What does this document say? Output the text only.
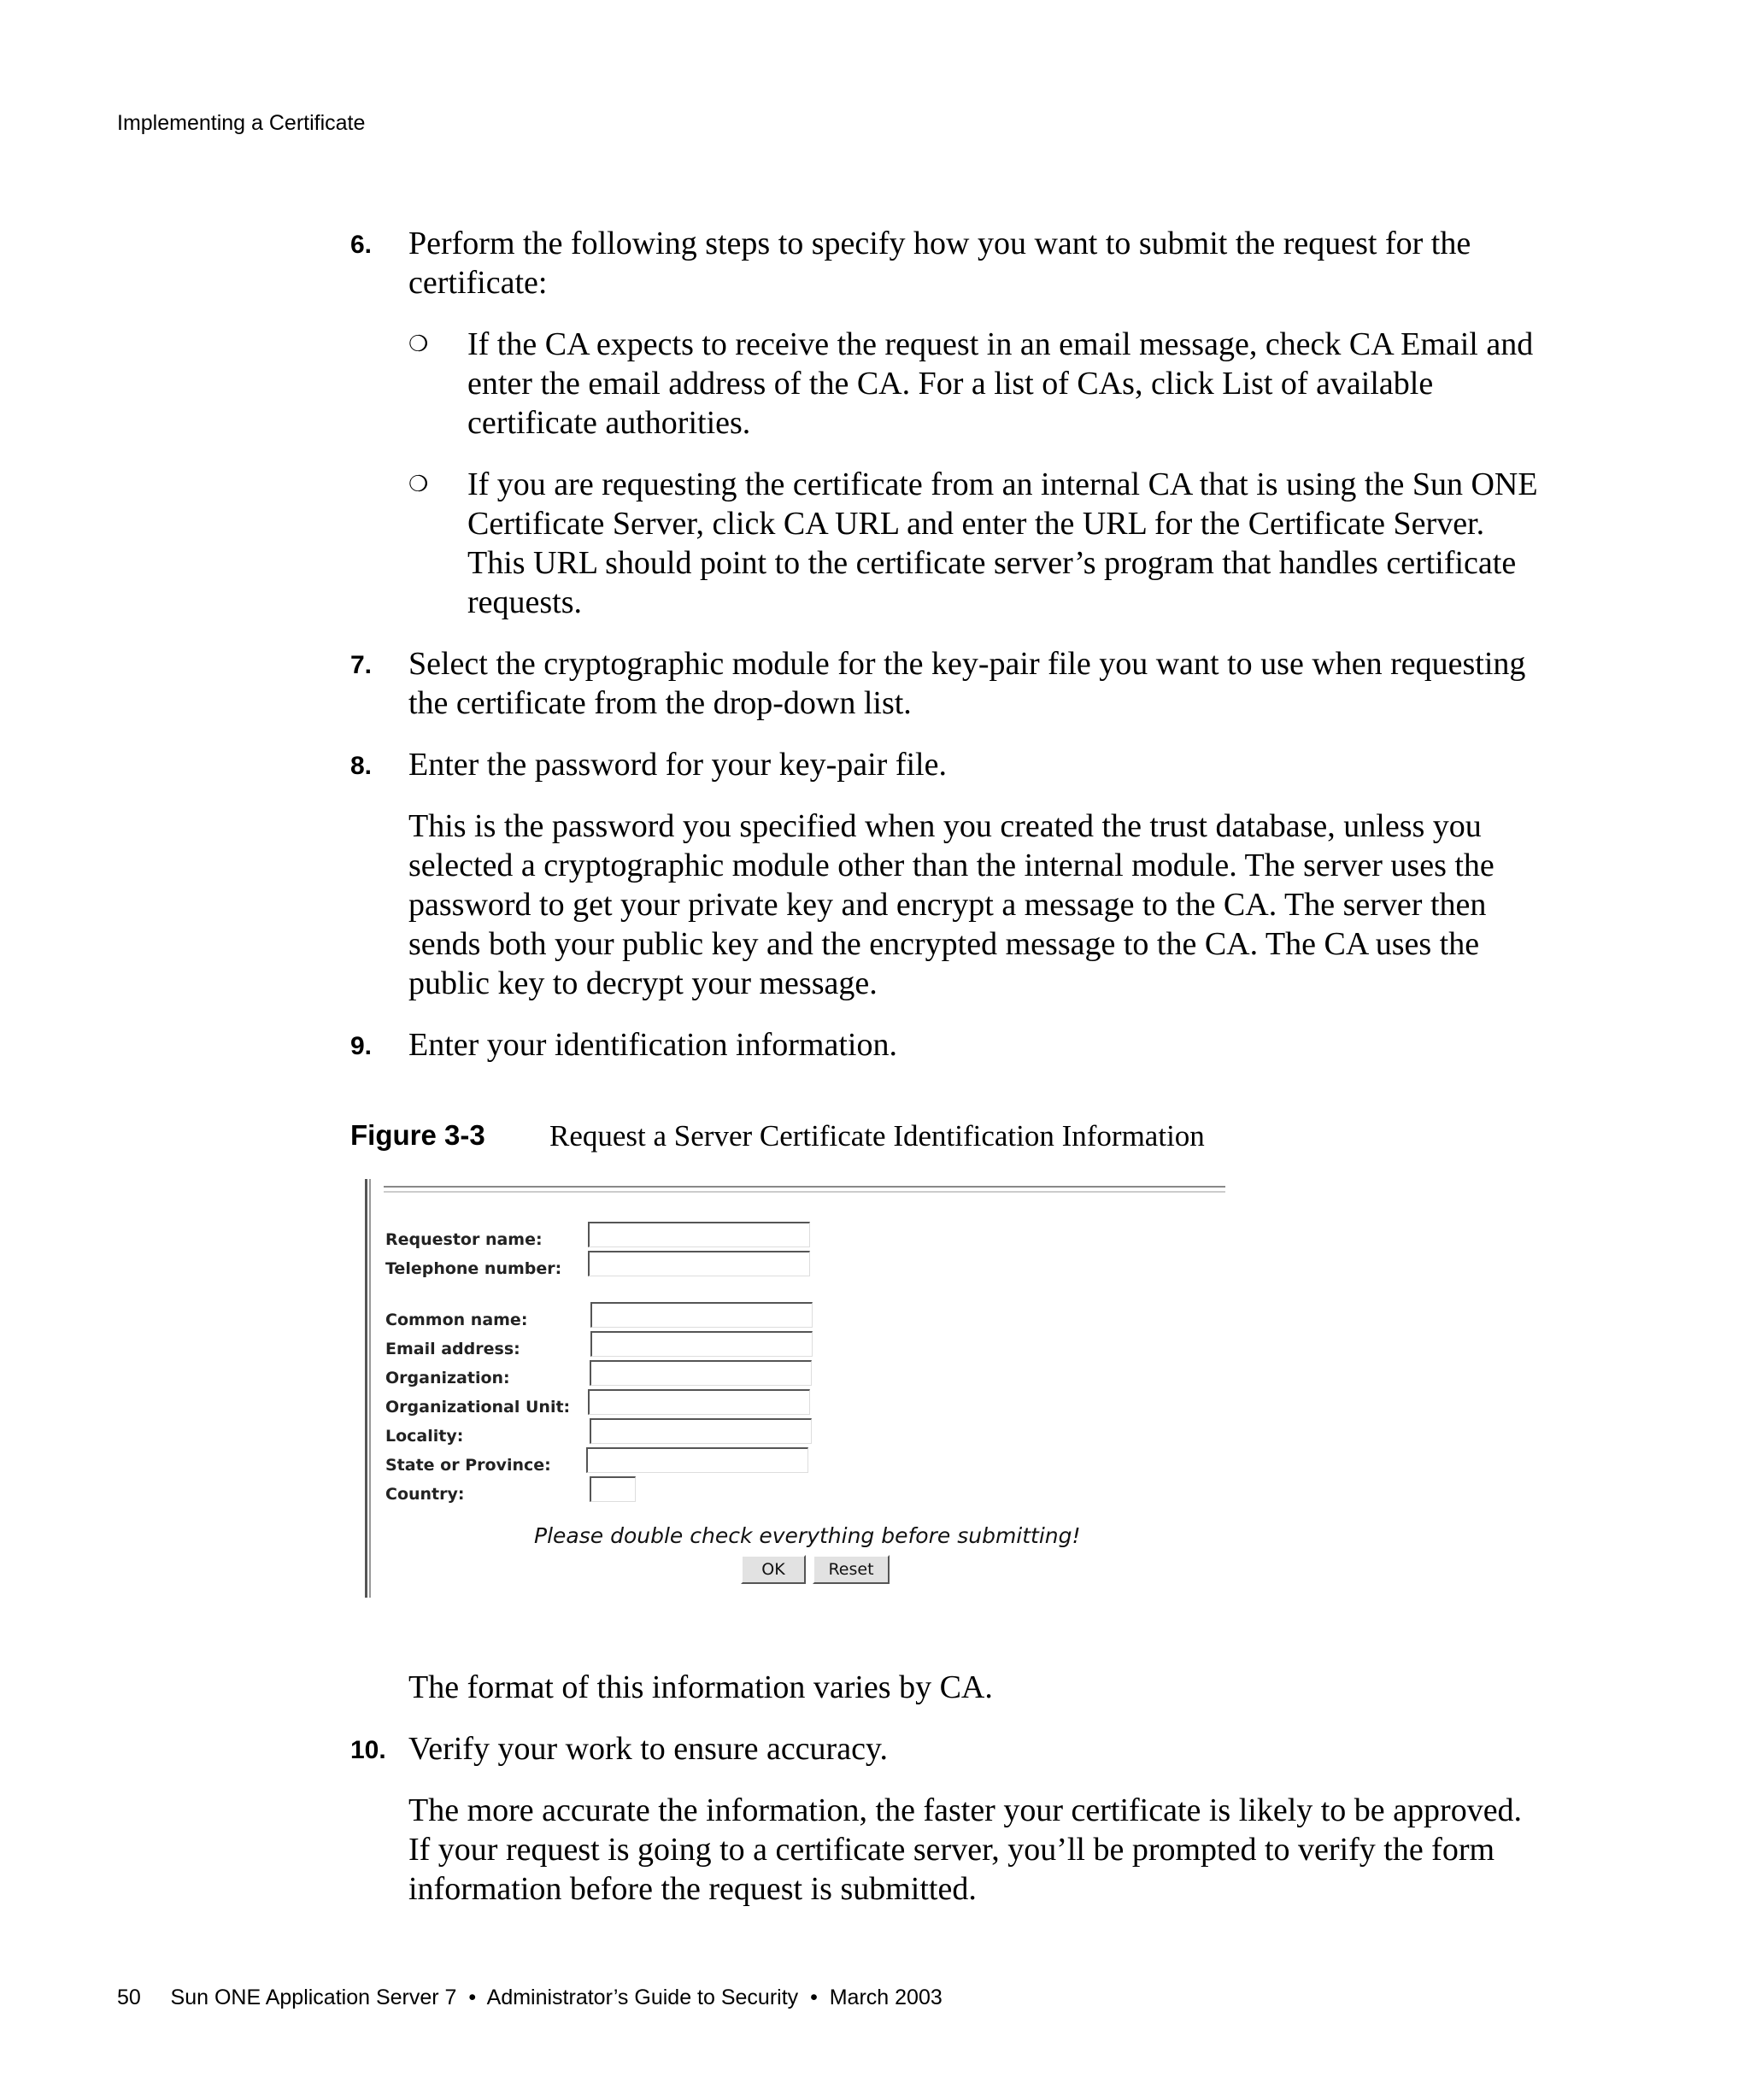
Implementing a Certificate
6. Perform the following steps to specify how you want to submit the request for the certificate:
❍ If the CA expects to receive the request in an email message, check CA Email and enter the email address of the CA. For a list of CAs, click List of available certificate authorities.
❍ If you are requesting the certificate from an internal CA that is using the Sun ONE Certificate Server, click CA URL and enter the URL for the Certificate Server. This URL should point to the certificate server’s program that handles certificate requests.
7. Select the cryptographic module for the key-pair file you want to use when requesting the certificate from the drop-down list.
8. Enter the password for your key-pair file.
This is the password you specified when you created the trust database, unless you selected a cryptographic module other than the internal module. The server uses the password to get your private key and encrypt a message to the CA. The server then sends both your public key and the encrypted message to the CA. The CA uses the public key to decrypt your message.
9. Enter your identification information.
Figure 3-3 Request a Server Certificate Identification Information
Requestor name:
Telephone number:
Common name:
Email address:
Organization:
Organizational Unit:
Locality:
State or Province:
Country:
Please double check everything before submitting!
OK	Reset
The format of this information varies by CA.
10. Verify your work to ensure accuracy.
The more accurate the information, the faster your certificate is likely to be approved. If your request is going to a certificate server, you’ll be prompted to verify the form information before the request is submitted.
50 Sun ONE Application Server 7 • Administrator’s Guide to Security • March 2003
